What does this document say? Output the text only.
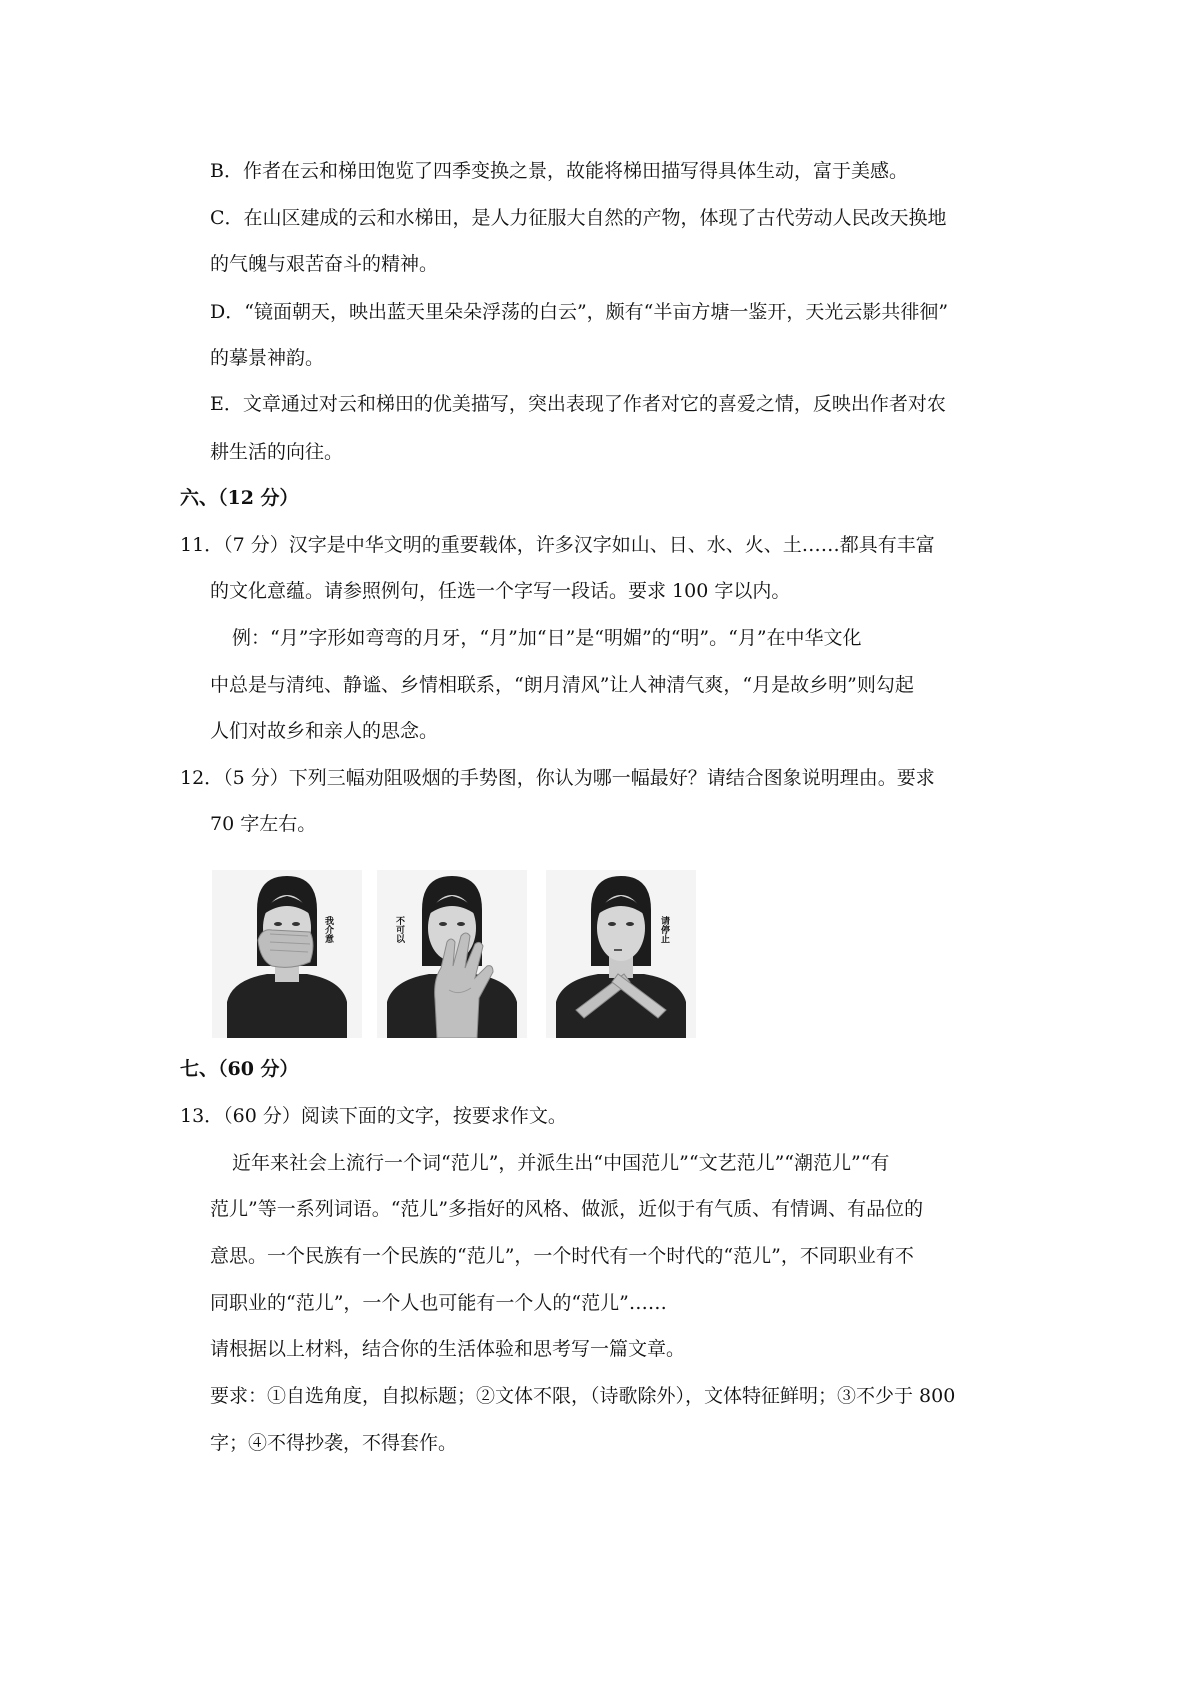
B．作者在云和梯田饱览了四季变换之景，故能将梯田描写得具体生动，富于美感。
C．在山区建成的云和水梯田，是人力征服大自然的产物，体现了古代劳动人民改天换地
的气魄与艰苦奋斗的精神。
D．“镜面朝天，映出蓝天里朵朵浮荡的白云”，颇有“半亩方塘一鉴开，天光云影共徘徊”
的摹景神韵。
E．文章通过对云和梯田的优美描写，突出表现了作者对它的喜爱之情，反映出作者对农
耕生活的向往。
六、（12 分）
11．（7 分）汉字是中华文明的重要载体，许多汉字如山、日、水、火、土……都具有丰富
的文化意蕴。请参照例句，任选一个字写一段话。要求 100 字以内。
例：“月”字形如弯弯的月牙，“月”加“日”是“明媚”的“明”。“月”在中华文化
中总是与清纯、静谧、乡情相联系，“朗月清风”让人神清气爽，“月是故乡明”则勾起
人们对故乡和亲人的思念。
12．（5 分）下列三幅劝阻吸烟的手势图，你认为哪一幅最好？请结合图象说明理由。要求
70 字左右。
我介意	不可以	请停止
七、（60 分）
13．（60 分）阅读下面的文字，按要求作文。
近年来社会上流行一个词“范儿”，并派生出“中国范儿”“文艺范儿”“潮范儿”“有
范儿”等一系列词语。“范儿”多指好的风格、做派，近似于有气质、有情调、有品位的
意思。一个民族有一个民族的“范儿”，一个时代有一个时代的“范儿”，不同职业有不
同职业的“范儿”，一个人也可能有一个人的“范儿”……
请根据以上材料，结合你的生活体验和思考写一篇文章。
要求：①自选角度，自拟标题；②文体不限，（诗歌除外），文体特征鲜明；③不少于 800
字；④不得抄袭，不得套作。
